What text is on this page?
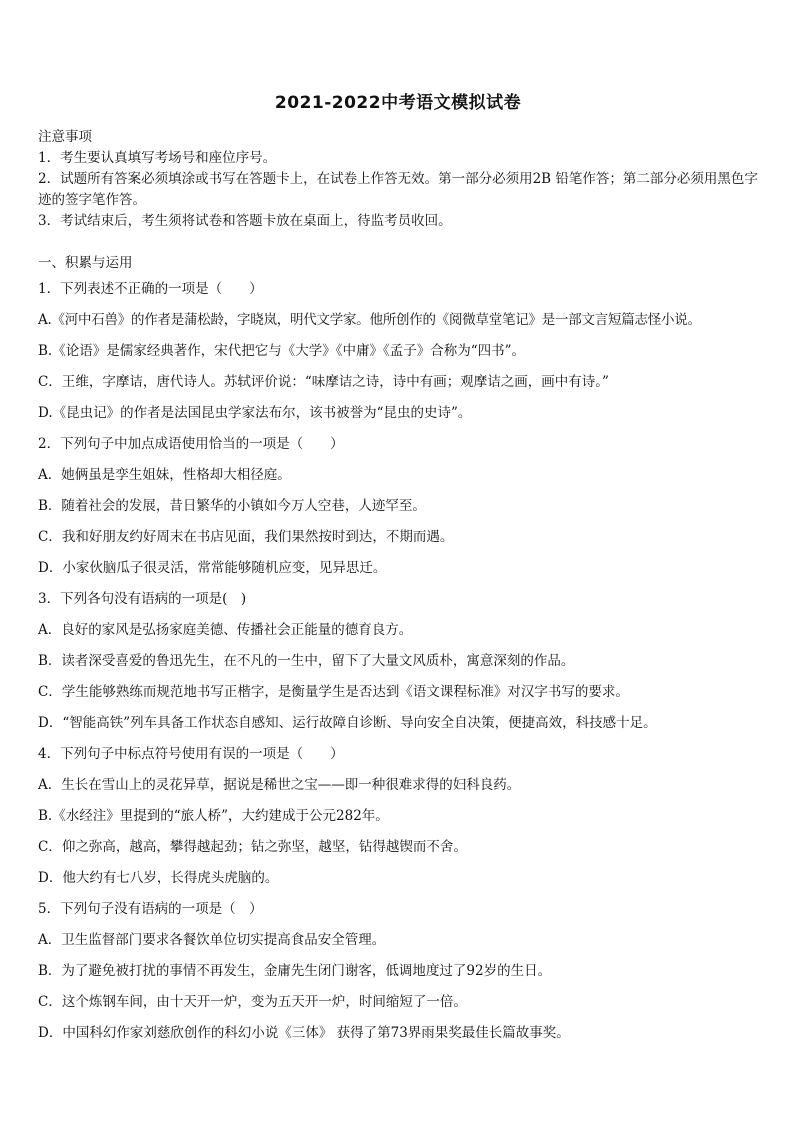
2021-2022中考语文模拟试卷
注意事项
1．考生要认真填写考场号和座位序号。
2．试题所有答案必须填涂或书写在答题卡上，在试卷上作答无效。第一部分必须用2B 铅笔作答；第二部分必须用黑色字迹的签字笔作答。
3．考试结束后，考生须将试卷和答题卡放在桌面上，待监考员收回。
一、积累与运用
1．下列表述不正确的一项是（　　）
A.《河中石兽》的作者是蒲松龄，字晓岚，明代文学家。他所创作的《阅微草堂笔记》是一部文言短篇志怪小说。
B.《论语》是儒家经典著作，宋代把它与《大学》《中庸》《孟子》合称为“四书”。
C．王维，字摩诘，唐代诗人。苏轼评价说：“味摩诘之诗，诗中有画；观摩诘之画，画中有诗。”
D.《昆虫记》的作者是法国昆虫学家法布尔，该书被誉为“昆虫的史诗”。
2．下列句子中加点成语使用恰当的一项是（　　）
A．她俩虽是孪生姐妹，性格却大相径庭。
B．随着社会的发展，昔日繁华的小镇如今万人空巷，人迹罕至。
C．我和好朋友约好周末在书店见面，我们果然按时到达，不期而遇。
D．小家伙脑瓜子很灵活，常常能够随机应变，见异思迁。
3．下列各句没有语病的一项是(　)
A．良好的家风是弘扬家庭美德、传播社会正能量的德育良方。
B．读者深受喜爱的鲁迅先生，在不凡的一生中，留下了大量文风质朴，寓意深刻的作品。
C．学生能够熟练而规范地书写正楷字，是衡量学生是否达到《语文课程标准》对汉字书写的要求。
D．“智能高铁”列车具备工作状态自感知、运行故障自诊断、导向安全自决策，便捷高效，科技感十足。
4．下列句子中标点符号使用有误的一项是（　　）
A．生长在雪山上的灵花异草，据说是稀世之宝——即一种很难求得的妇科良药。
B.《水经注》里提到的“旅人桥”，大约建成于公元282年。
C．仰之弥高，越高，攀得越起劲；钻之弥坚，越坚，钻得越锲而不舍。
D．他大约有七八岁，长得虎头虎脑的。
5．下列句子没有语病的一项是（　）
A．卫生监督部门要求各餐饮单位切实提高食品安全管理。
B．为了避免被打扰的事情不再发生，金庸先生闭门谢客，低调地度过了92岁的生日。
C．这个炼钢车间，由十天开一炉，变为五天开一炉，时间缩短了一倍。
D．中国科幻作家刘慈欣创作的科幻小说《三体》 获得了第73界雨果奖最佳长篇故事奖。
